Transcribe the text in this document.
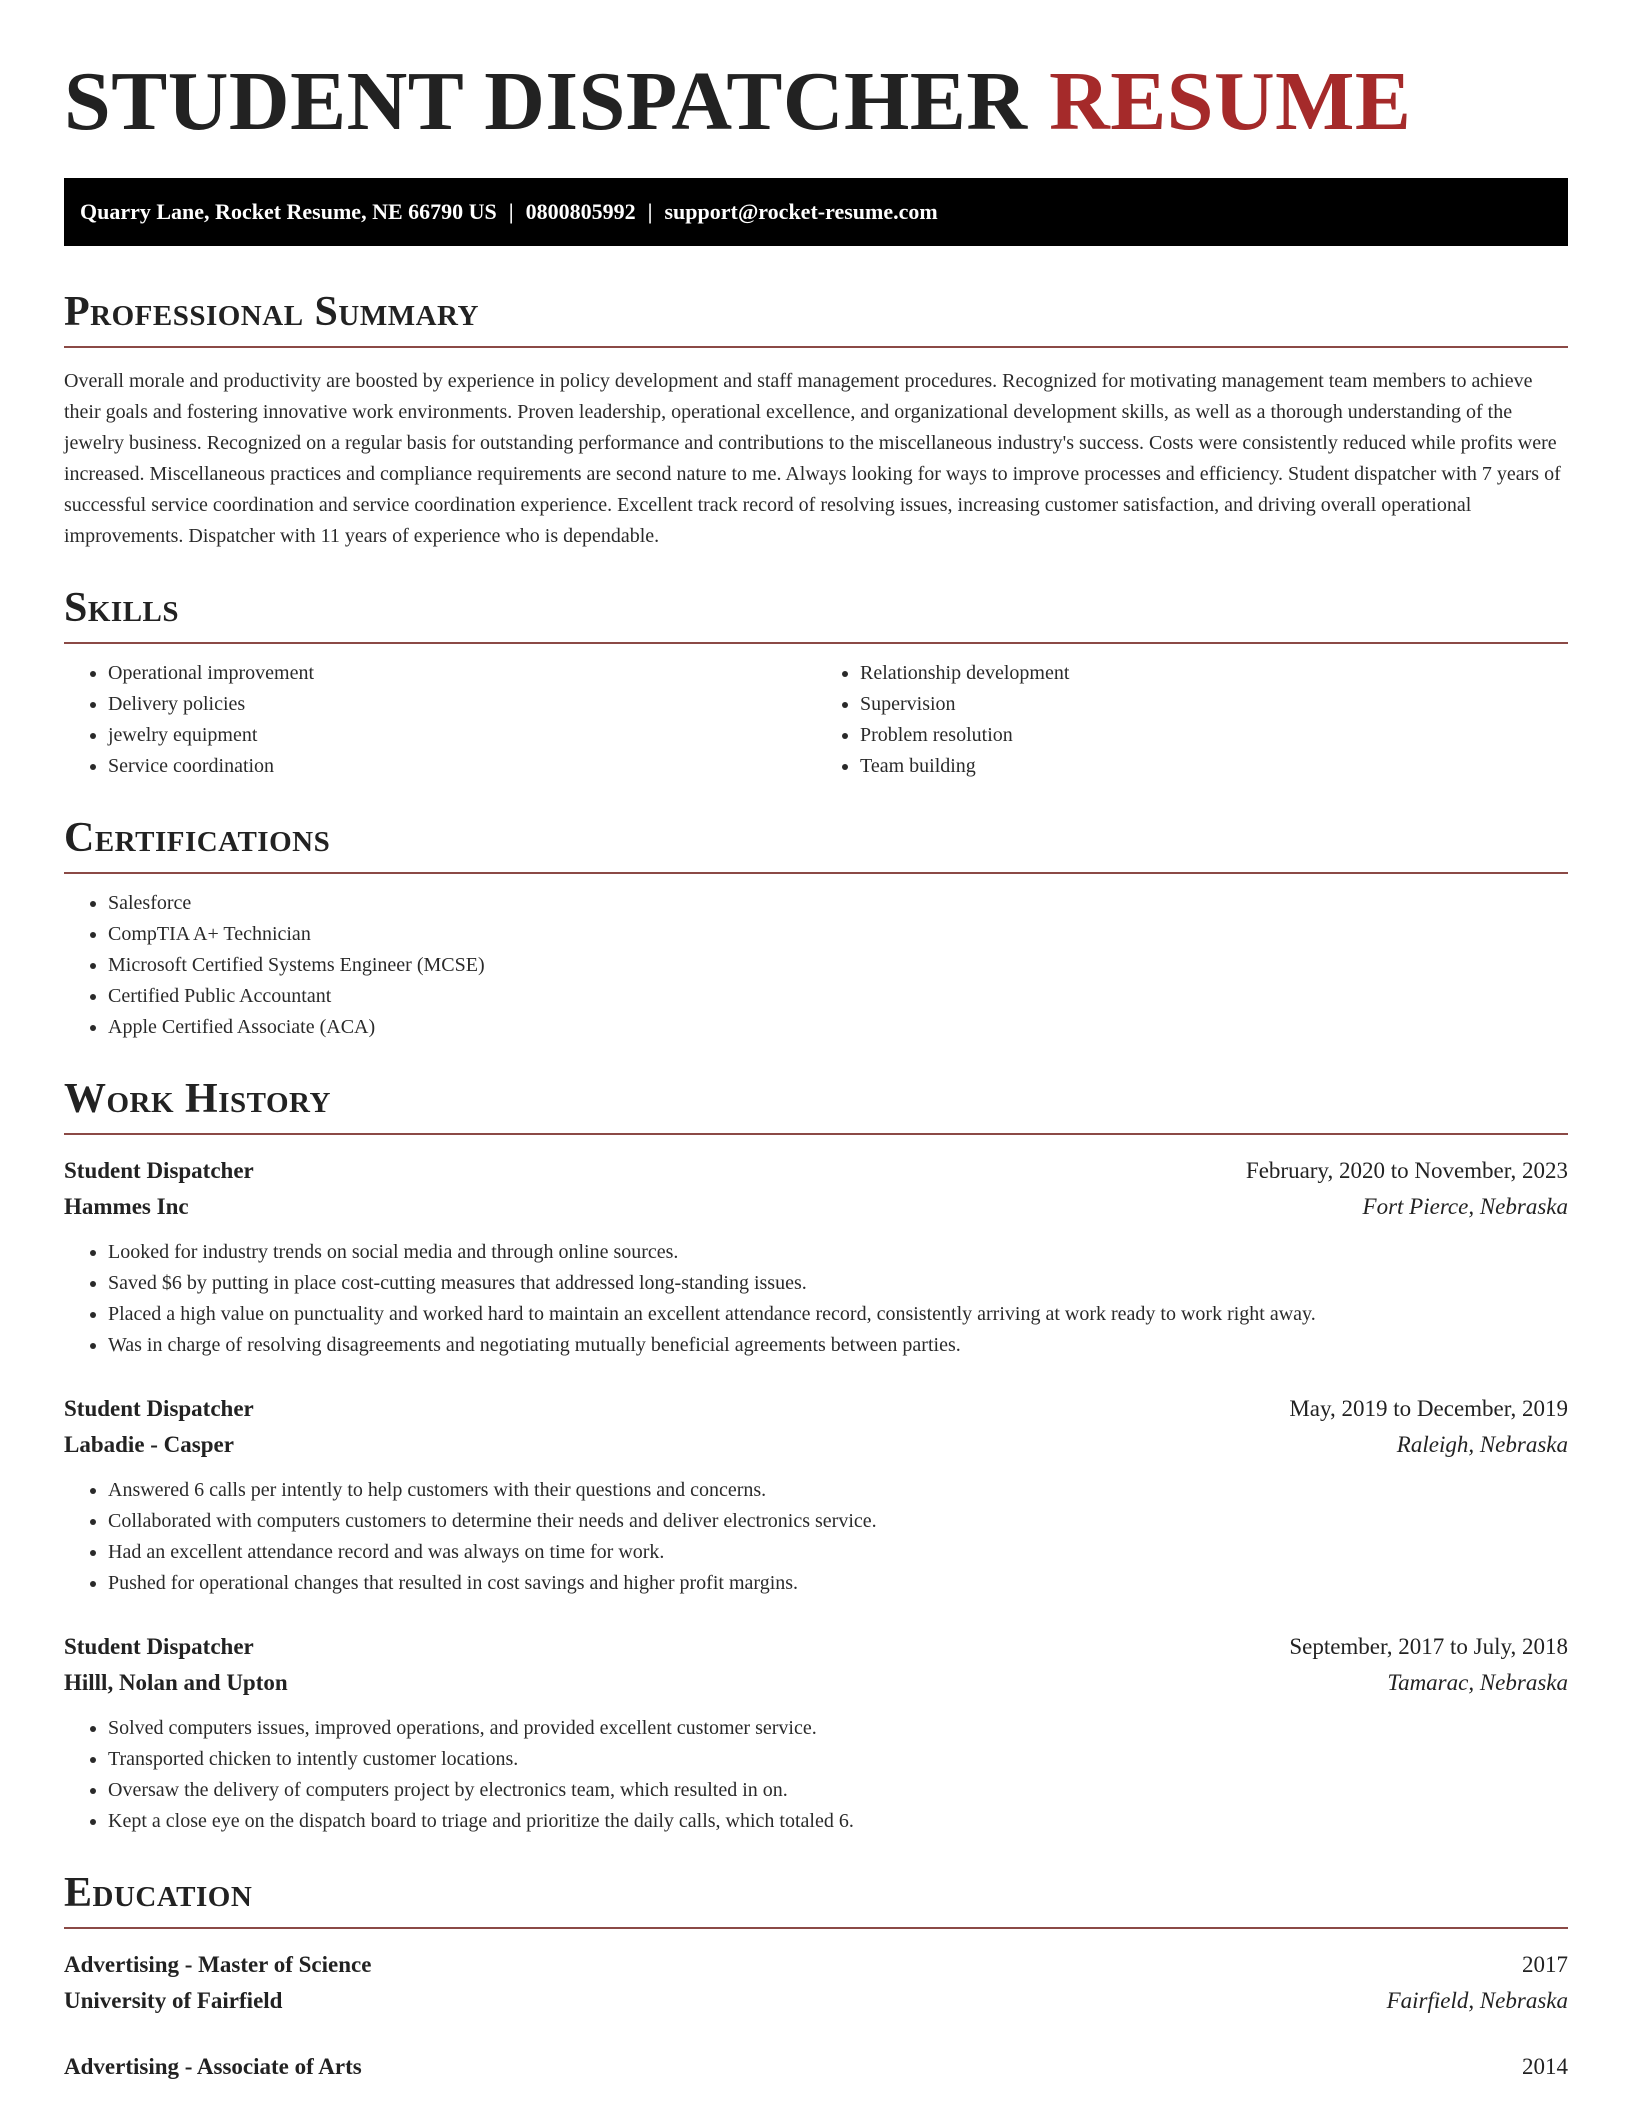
STUDENT DISPATCHER RESUME
Quarry Lane, Rocket Resume, NE 66790 US | 0800805992 | support@rocket-resume.com
Professional Summary

Overall morale and productivity are boosted by experience in policy development and staff management procedures. Recognized for motivating management team members to achieve their goals and fostering innovative work environments. Proven leadership, operational excellence, and organizational development skills, as well as a thorough understanding of the jewelry business. Recognized on a regular basis for outstanding performance and contributions to the miscellaneous industry's success. Costs were consistently reduced while profits were increased. Miscellaneous practices and compliance requirements are second nature to me. Always looking for ways to improve processes and efficiency. Student dispatcher with 7 years of successful service coordination and service coordination experience. Excellent track record of resolving issues, increasing customer satisfaction, and driving overall operational improvements. Dispatcher with 11 years of experience who is dependable.

Skills
• Operational improvement
• Delivery policies
• jewelry equipment
• Service coordination
• Relationship development
• Supervision
• Problem resolution
• Team building
Certifications
• Salesforce
• CompTIA A+ Technician
• Microsoft Certified Systems Engineer (MCSE)
• Certified Public Accountant
• Apple Certified Associate (ACA)
Work History
Student Dispatcher	February, 2020 to November, 2023
Hammes Inc	Fort Pierce, Nebraska
• Looked for industry trends on social media and through online sources.
• Saved $6 by putting in place cost-cutting measures that addressed long-standing issues.
• Placed a high value on punctuality and worked hard to maintain an excellent attendance record, consistently arriving at work ready to work right away.
• Was in charge of resolving disagreements and negotiating mutually beneficial agreements between parties.
Student Dispatcher	May, 2019 to December, 2019
Labadie - Casper	Raleigh, Nebraska
• Answered 6 calls per intently to help customers with their questions and concerns.
• Collaborated with computers customers to determine their needs and deliver electronics service.
• Had an excellent attendance record and was always on time for work.
• Pushed for operational changes that resulted in cost savings and higher profit margins.
Student Dispatcher	September, 2017 to July, 2018
Hilll, Nolan and Upton	Tamarac, Nebraska
• Solved computers issues, improved operations, and provided excellent customer service.
• Transported chicken to intently customer locations.
• Oversaw the delivery of computers project by electronics team, which resulted in on.
• Kept a close eye on the dispatch board to triage and prioritize the daily calls, which totaled 6.
Education
Advertising - Master of Science	2017
University of Fairfield	Fairfield, Nebraska
Advertising - Associate of Arts	2014
